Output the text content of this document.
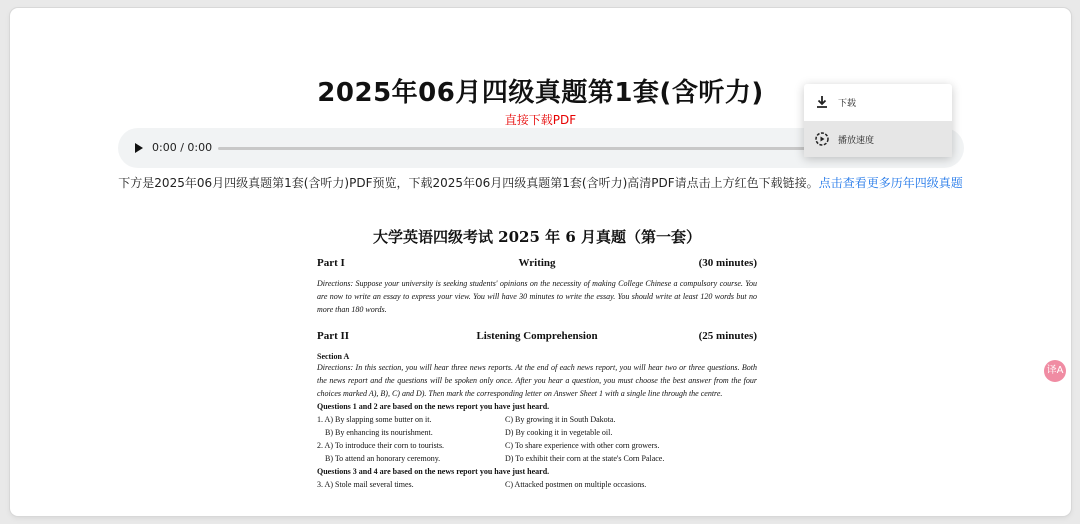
2025年06月四级真题第1套(含听力)
直接下载PDF
0:00 / 0:00
下载
播放速度
下方是2025年06月四级真题第1套(含听力)PDF预览，下载2025年06月四级真题第1套(含听力)高清PDF请点击上方红色下载链接。点击查看更多历年四级真题
大学英语四级考试 2025 年 6 月真题（第一套）
Part I	Writing	(30 minutes)
Directions: Suppose your university is seeking students' opinions on the necessity of making College Chinese a compulsory course. You are now to write an essay to express your view. You will have 30 minutes to write the essay. You should write at least 120 words but no more than 180 words.
Part II	Listening Comprehension	(25 minutes)
Section A
Directions: In this section, you will hear three news reports. At the end of each news report, you will hear two or three questions. Both the news report and the questions will be spoken only once. After you hear a question, you must choose the best answer from the four choices marked A), B), C) and D). Then mark the corresponding letter on Answer Sheet 1 with a single line through the centre.
Questions 1 and 2 are based on the news report you have just heard.
1. A) By slapping some butter on it.	C) By growing it in South Dakota.
B) By enhancing its nourishment.	D) By cooking it in vegetable oil.
2. A) To introduce their corn to tourists.	C) To share experience with other corn growers.
B) To attend an honorary ceremony.	D) To exhibit their corn at the state's Corn Palace.
Questions 3 and 4 are based on the news report you have just heard.
3. A) Stole mail several times.	C) Attacked postmen on multiple occasions.
译A
